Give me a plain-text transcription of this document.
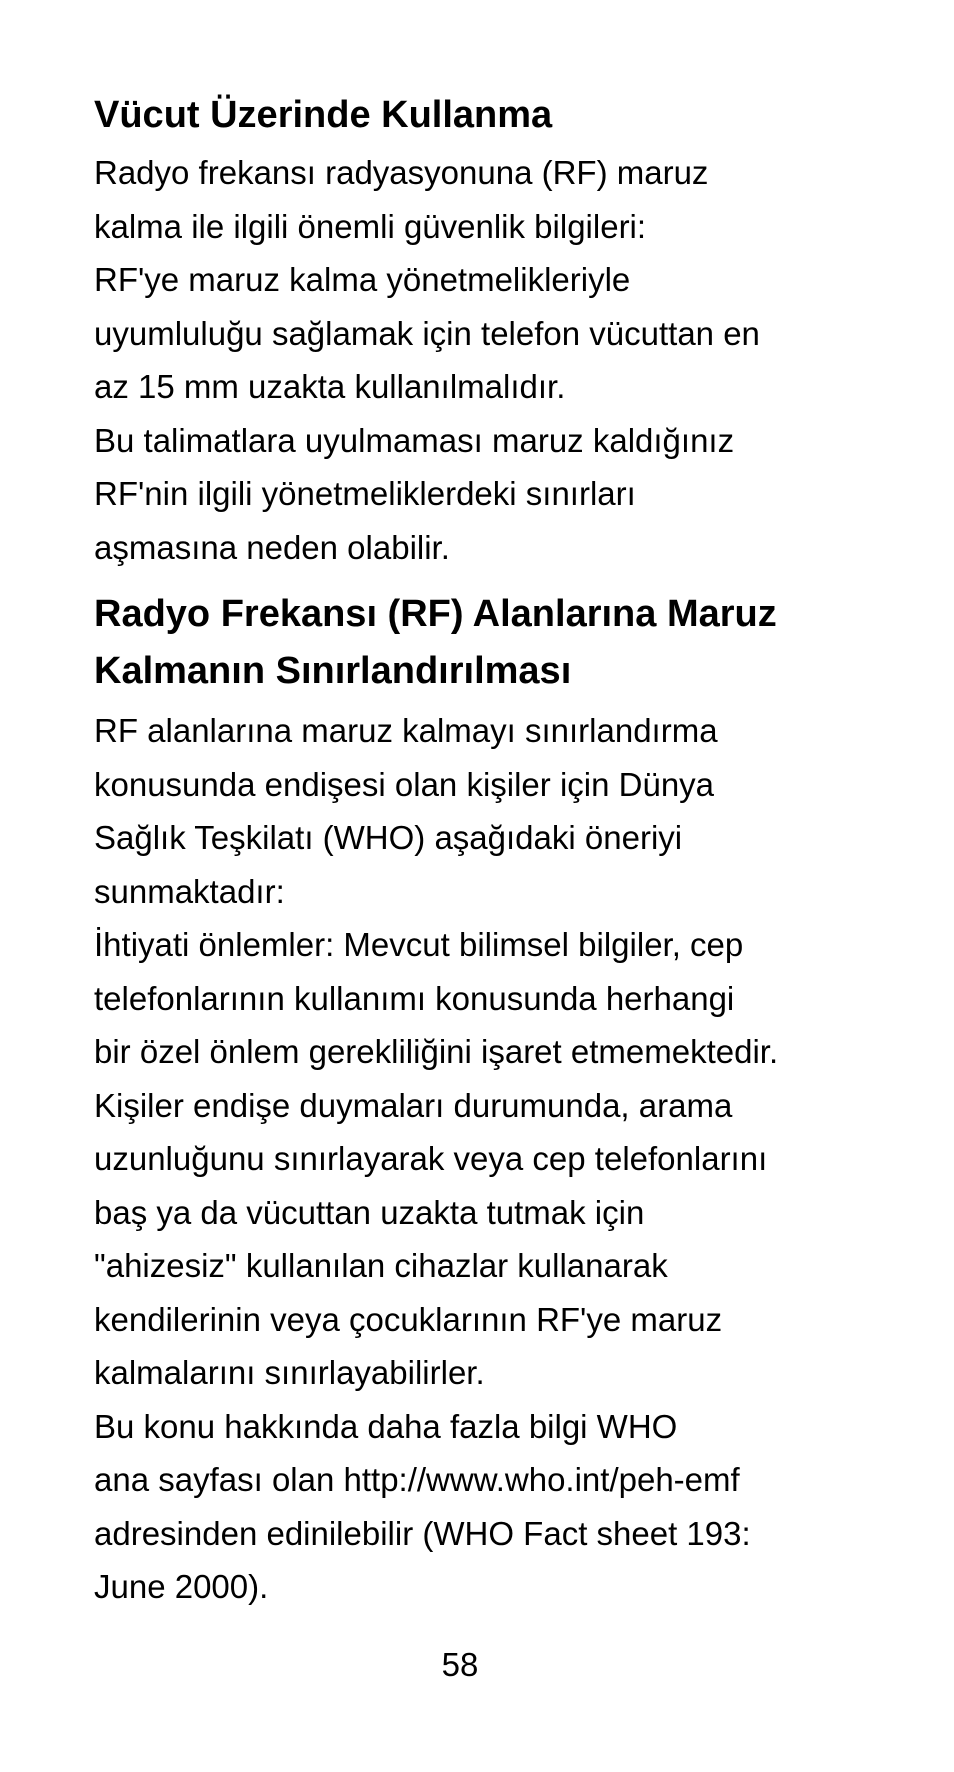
Vücut Üzerinde Kullanma
Radyo frekansı radyasyonuna (RF) maruz
kalma ile ilgili önemli güvenlik bilgileri:
RF'ye maruz kalma yönetmelikleriyle
uyumluluğu sağlamak için telefon vücuttan en
az 15 mm uzakta kullanılmalıdır.
Bu talimatlara uyulmaması maruz kaldığınız
RF'nin ilgili yönetmeliklerdeki sınırları
aşmasına neden olabilir.
Radyo Frekansı (RF) Alanlarına Maruz
Kalmanın Sınırlandırılması
RF alanlarına maruz kalmayı sınırlandırma
konusunda endişesi olan kişiler için Dünya
Sağlık Teşkilatı (WHO) aşağıdaki öneriyi
sunmaktadır:
İhtiyati önlemler: Mevcut bilimsel bilgiler, cep
telefonlarının kullanımı konusunda herhangi
bir özel önlem gerekliliğini işaret etmemektedir.
Kişiler endişe duymaları durumunda, arama
uzunluğunu sınırlayarak veya cep telefonlarını
baş ya da vücuttan uzakta tutmak için
"ahizesiz" kullanılan cihazlar kullanarak
kendilerinin veya çocuklarının RF'ye maruz
kalmalarını sınırlayabilirler.
Bu konu hakkında daha fazla bilgi WHO
ana sayfası olan http://www.who.int/peh-emf
adresinden edinilebilir (WHO Fact sheet 193:
June 2000).
58
